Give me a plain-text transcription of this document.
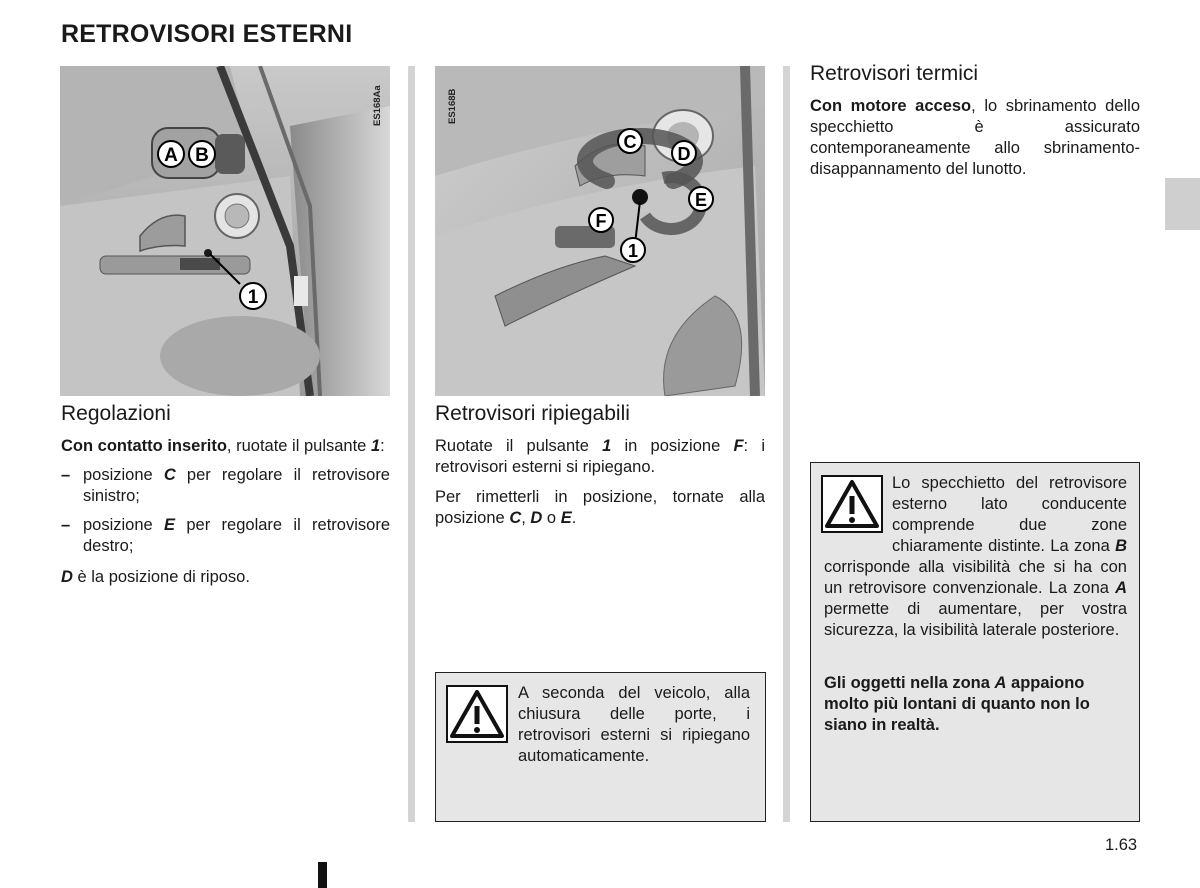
RETROVISORI ESTERNI
A B
1
ES168Aa
C
D
E
F
1
ES168B
Regolazioni

Con contatto inserito, ruotate il pulsante 1:

– posizione C per regolare il retrovisore sinistro;

– posizione E per regolare il retrovisore destro;

D è la posizione di riposo.

Retrovisori ripiegabili

Ruotate il pulsante 1 in posizione F: i retrovisori esterni si ripiegano.

Per rimetterli in posizione, tornate alla posizione C, D o E.

A seconda del veicolo, alla chiusura delle porte, i retrovisori esterni si ripiegano automaticamente.

Retrovisori termici

Con motore acceso, lo sbrinamento dello specchietto è assicurato contemporaneamente allo sbrinamento-disappannamento del lunotto.

Lo specchietto del retrovisore esterno lato conducente comprende due zone chiaramente distinte. La zona B corrisponde alla visibilità che si ha con un retrovisore convenzionale. La zona A permette di aumentare, per vostra sicurezza, la visibilità laterale posteriore.

Gli oggetti nella zona A appaiono molto più lontani di quanto non lo siano in realtà.

1.63
